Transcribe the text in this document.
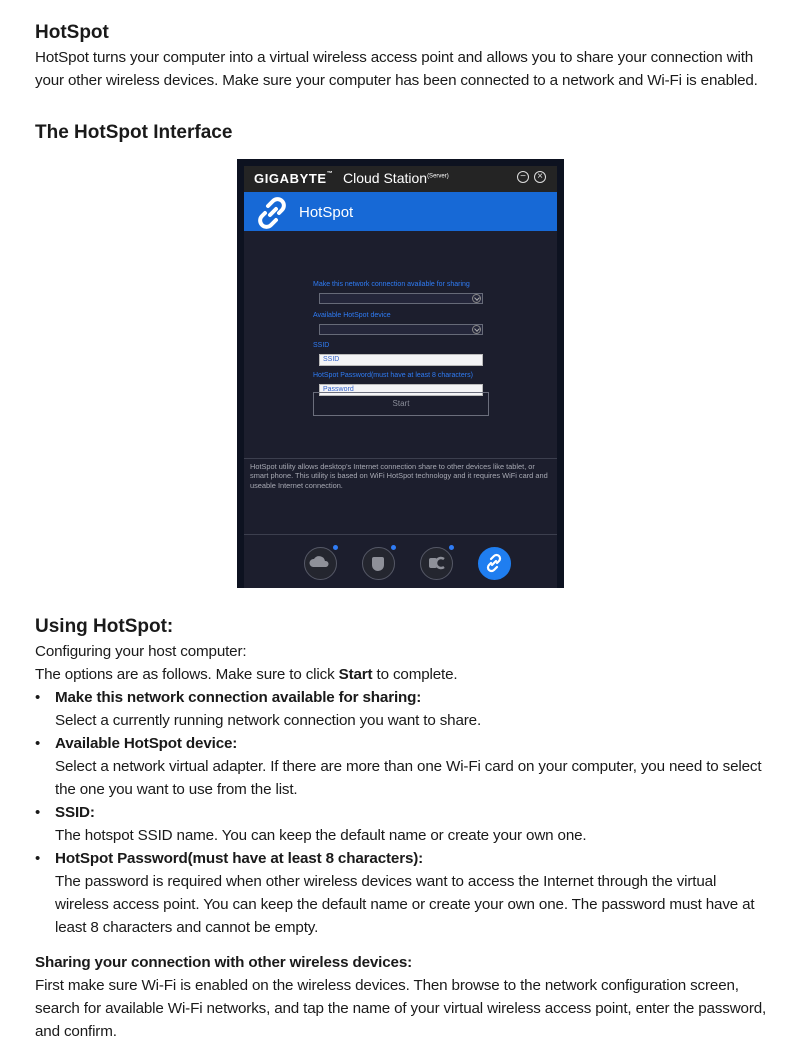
HotSpot
HotSpot turns your computer into a virtual wireless access point and allows you to share your connection with your other wireless devices. Make sure your computer has been connected to a network and Wi-Fi is enabled.
The HotSpot Interface
GIGABYTE™ Cloud Station$^{(Server)}$	−	×
HotSpot
Make this network connection available for sharing
Available HotSpot device
SSID
SSID
HotSpot Password(must have at least 8 characters)
Password
Start
HotSpot utility allows desktop's Internet connection share to other devices like tablet, or smart phone. This utility is based on WiFi HotSpot technology and it requires WiFi card and useable Internet connection.
Using HotSpot:
Configuring your host computer:
The options are as follows. Make sure to click Start to complete.
• Make this network connection available for sharing:
Select a currently running network connection you want to share.
• Available HotSpot device:
Select a network virtual adapter. If there are more than one Wi-Fi card on your computer, you need to select the one you want to use from the list.
• SSID:
The hotspot SSID name. You can keep the default name or create your own one.
• HotSpot Password(must have at least 8 characters):
The password is required when other wireless devices want to access the Internet through the virtual wireless access point. You can keep the default name or create your own one. The password must have at least 8 characters and cannot be empty.
Sharing your connection with other wireless devices:
First make sure Wi-Fi is enabled on the wireless devices. Then browse to the network configuration screen, search for available Wi-Fi networks, and tap the name of your virtual wireless access point, enter the password, and confirm.
